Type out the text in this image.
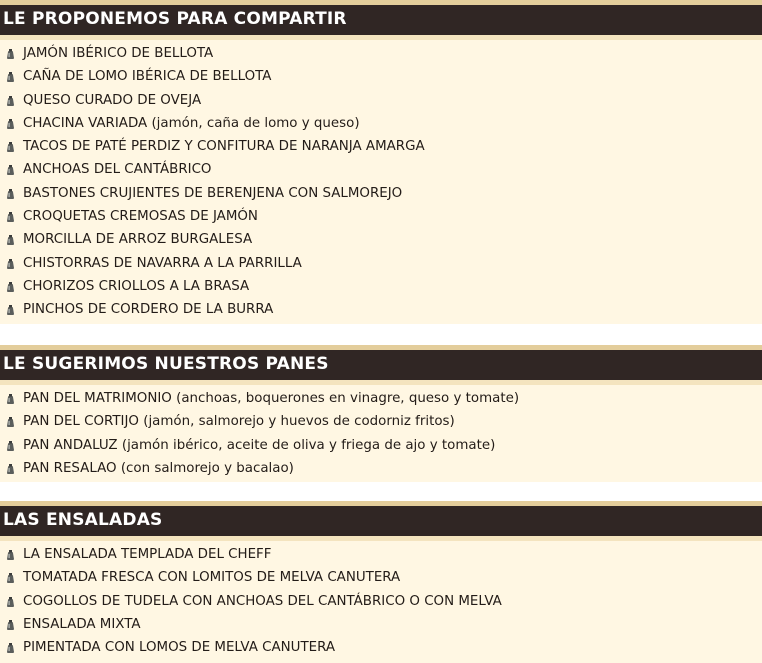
LE PROPONEMOS PARA COMPARTIR
JAMÓN IBÉRICO DE BELLOTA
CAÑA DE LOMO IBÉRICA DE BELLOTA
QUESO CURADO DE OVEJA
CHACINA VARIADA (jamón, caña de lomo y queso)
TACOS DE PATÉ PERDIZ Y CONFITURA DE NARANJA AMARGA
ANCHOAS DEL CANTÁBRICO
BASTONES CRUJIENTES DE BERENJENA CON SALMOREJO
CROQUETAS CREMOSAS DE JAMÓN
MORCILLA DE ARROZ BURGALESA
CHISTORRAS DE NAVARRA A LA PARRILLA
CHORIZOS CRIOLLOS A LA BRASA
PINCHOS DE CORDERO DE LA BURRA
LE SUGERIMOS NUESTROS PANES
PAN DEL MATRIMONIO (anchoas, boquerones en vinagre, queso y tomate)
PAN DEL CORTIJO (jamón, salmorejo y huevos de codorniz fritos)
PAN ANDALUZ (jamón ibérico, aceite de oliva y friega de ajo y tomate)
PAN RESALAO (con salmorejo y bacalao)
LAS ENSALADAS
LA ENSALADA TEMPLADA DEL CHEFF
TOMATADA FRESCA CON LOMITOS DE MELVA CANUTERA
COGOLLOS DE TUDELA CON ANCHOAS DEL CANTÁBRICO O CON MELVA
ENSALADA MIXTA
PIMENTADA CON LOMOS DE MELVA CANUTERA
